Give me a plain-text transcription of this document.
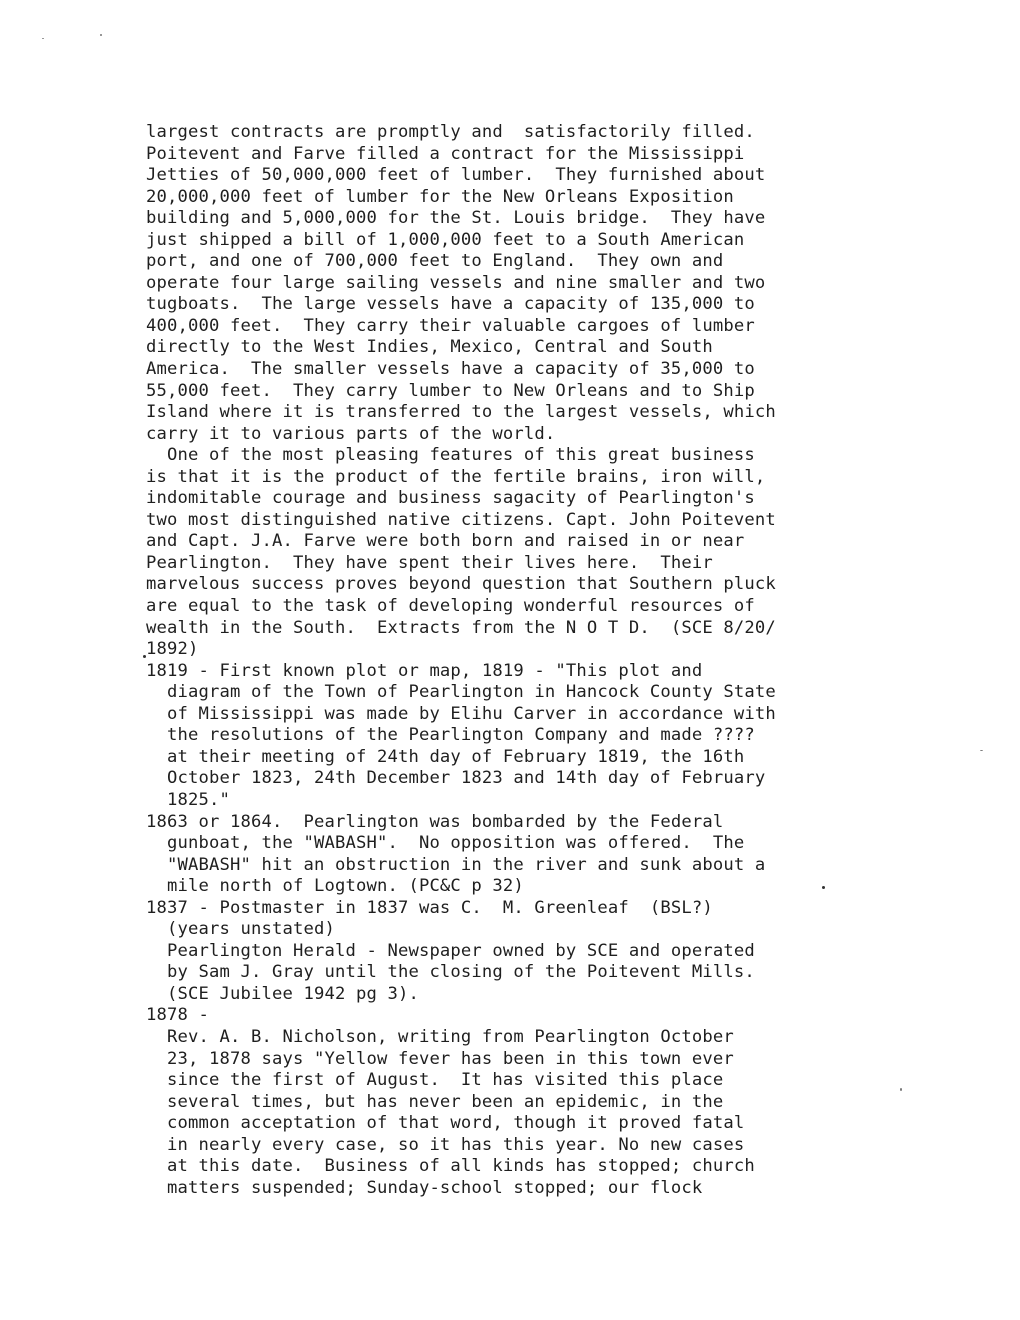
largest contracts are promptly and  satisfactorily filled.
Poitevent and Farve filled a contract for the Mississippi
Jetties of 50,000,000 feet of lumber.  They furnished about
20,000,000 feet of lumber for the New Orleans Exposition
building and 5,000,000 for the St. Louis bridge.  They have
just shipped a bill of 1,000,000 feet to a South American
port, and one of 700,000 feet to England.  They own and
operate four large sailing vessels and nine smaller and two
tugboats.  The large vessels have a capacity of 135,000 to
400,000 feet.  They carry their valuable cargoes of lumber
directly to the West Indies, Mexico, Central and South
America.  The smaller vessels have a capacity of 35,000 to
55,000 feet.  They carry lumber to New Orleans and to Ship
Island where it is transferred to the largest vessels, which
carry it to various parts of the world.
One of the most pleasing features of this great business
is that it is the product of the fertile brains, iron will,
indomitable courage and business sagacity of Pearlington's
two most distinguished native citizens. Capt. John Poitevent
and Capt. J.A. Farve were both born and raised in or near
Pearlington.  They have spent their lives here.  Their
marvelous success proves beyond question that Southern pluck
are equal to the task of developing wonderful resources of
wealth in the South.  Extracts from the N O T D.  (SCE 8/20/
1892)
1819 - First known plot or map, 1819 - "This plot and
diagram of the Town of Pearlington in Hancock County State
of Mississippi was made by Elihu Carver in accordance with
the resolutions of the Pearlington Company and made ????
at their meeting of 24th day of February 1819, the 16th
October 1823, 24th December 1823 and 14th day of February
1825."
1863 or 1864.  Pearlington was bombarded by the Federal
gunboat, the "WABASH".  No opposition was offered.  The
"WABASH" hit an obstruction in the river and sunk about a
mile north of Logtown. (PC&C p 32)
1837 - Postmaster in 1837 was C.  M. Greenleaf  (BSL?)
(years unstated)
Pearlington Herald - Newspaper owned by SCE and operated
by Sam J. Gray until the closing of the Poitevent Mills.
(SCE Jubilee 1942 pg 3).
1878 -
Rev. A. B. Nicholson, writing from Pearlington October
23, 1878 says "Yellow fever has been in this town ever
since the first of August.  It has visited this place
several times, but has never been an epidemic, in the
common acceptation of that word, though it proved fatal
in nearly every case, so it has this year. No new cases
at this date.  Business of all kinds has stopped; church
matters suspended; Sunday-school stopped; our flock
